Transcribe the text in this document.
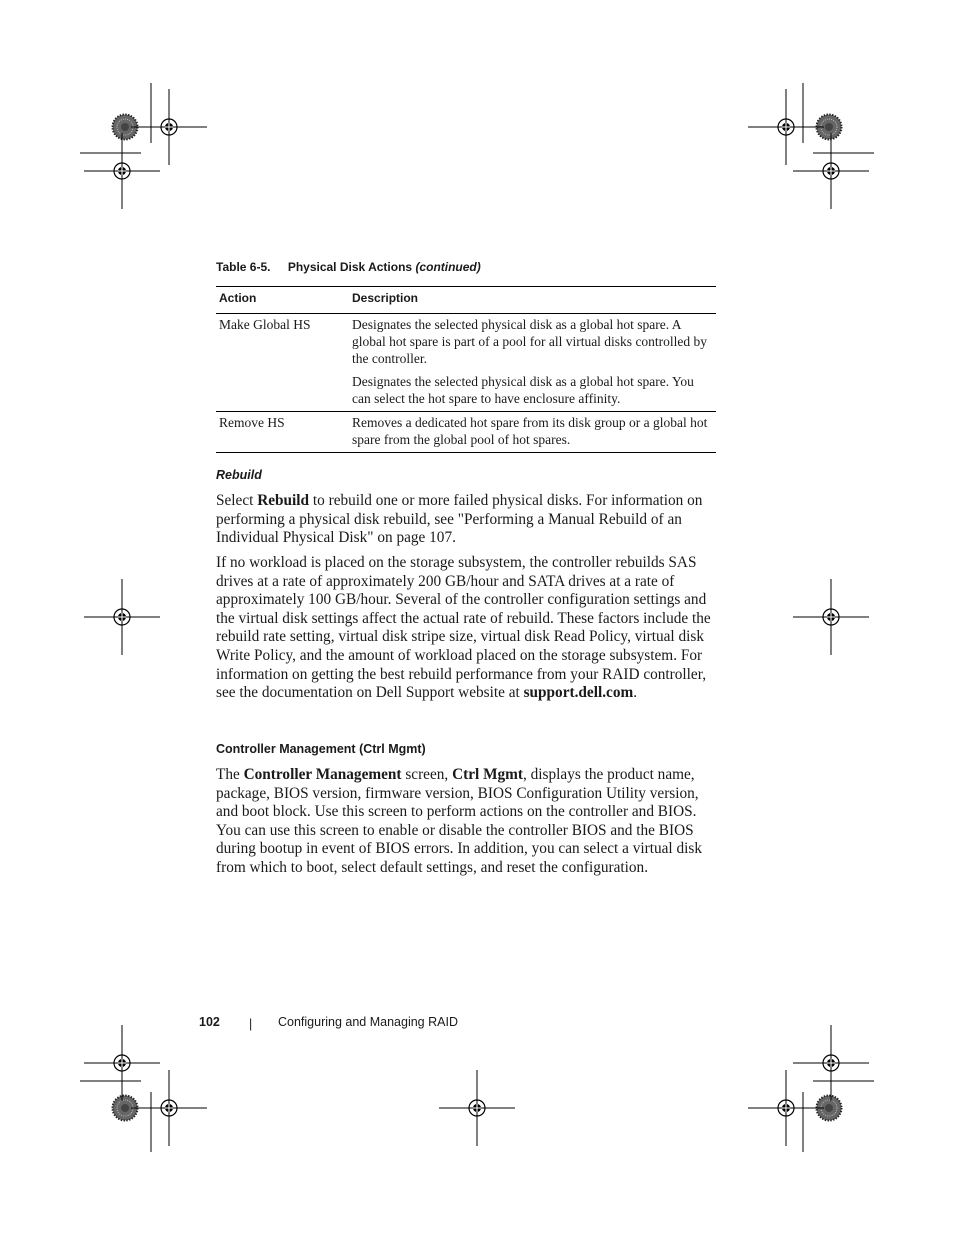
Table 6-5. Physical Disk Actions (continued)
Action	Description
Make Global HS	Designates the selected physical disk as a global hot spare. A global hot spare is part of a pool for all virtual disks controlled by the controller.

Designates the selected physical disk as a global hot spare. You can select the hot spare to have enclosure affinity.

Remove HS	Removes a dedicated hot spare from its disk group or a global hot spare from the global pool of hot spares.

Rebuild

Select Rebuild to rebuild one or more failed physical disks. For information on performing a physical disk rebuild, see "Performing a Manual Rebuild of an Individual Physical Disk" on page 107.

If no workload is placed on the storage subsystem, the controller rebuilds SAS drives at a rate of approximately 200 GB/hour and SATA drives at a rate of approximately 100 GB/hour. Several of the controller configuration settings and the virtual disk settings affect the actual rate of rebuild. These factors include the rebuild rate setting, virtual disk stripe size, virtual disk Read Policy, virtual disk Write Policy, and the amount of workload placed on the storage subsystem. For information on getting the best rebuild performance from your RAID controller, see the documentation on Dell Support website at support.dell.com.

Controller Management (Ctrl Mgmt)

The Controller Management screen, Ctrl Mgmt, displays the product name, package, BIOS version, firmware version, BIOS Configuration Utility version, and boot block. Use this screen to perform actions on the controller and BIOS. You can use this screen to enable or disable the controller BIOS and the BIOS during bootup in event of BIOS errors. In addition, you can select a virtual disk from which to boot, select default settings, and reset the configuration.

102 | Configuring and Managing RAID
